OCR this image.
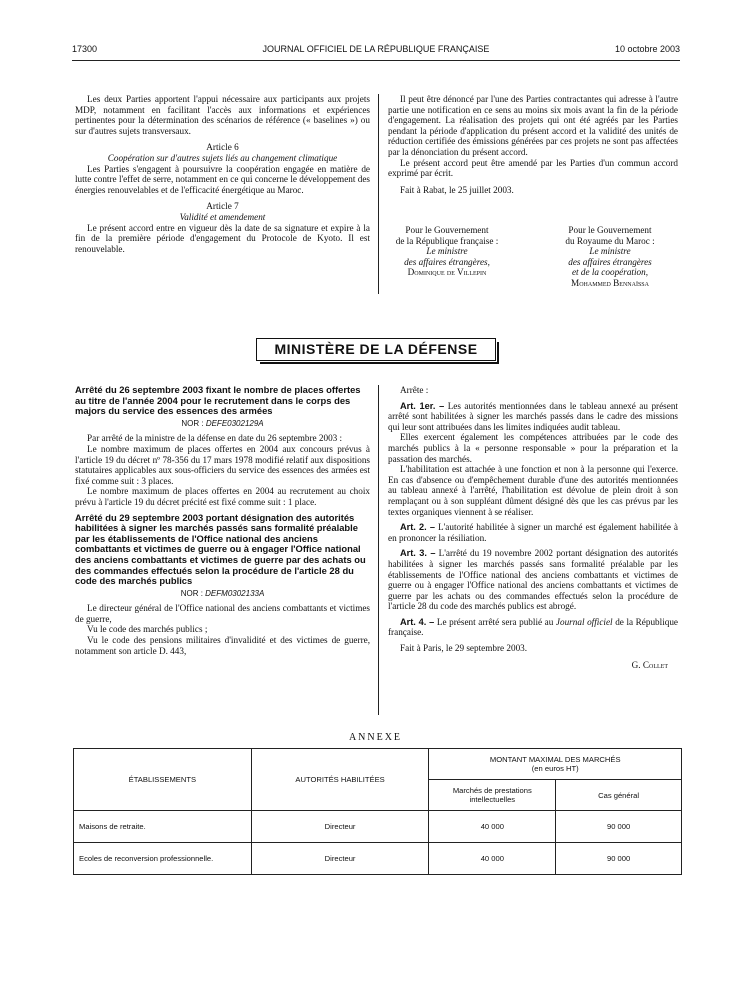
17300	JOURNAL OFFICIEL DE LA RÉPUBLIQUE FRANÇAISE	10 octobre 2003

Les deux Parties apportent l'appui nécessaire aux participants aux projets MDP, notamment en facilitant l'accès aux informations et expériences pertinentes pour la détermination des scénarios de référence (« baselines ») ou sur d'autres sujets transversaux.

Article 6

Coopération sur d'autres sujets liés au changement climatique

Les Parties s'engagent à poursuivre la coopération engagée en matière de lutte contre l'effet de serre, notamment en ce qui concerne le développement des énergies renouvelables et de l'efficacité énergétique au Maroc.

Article 7

Validité et amendement

Le présent accord entre en vigueur dès la date de sa signature et expire à la fin de la première période d'engagement du Protocole de Kyoto. Il est renouvelable.

Il peut être dénoncé par l'une des Parties contractantes qui adresse à l'autre partie une notification en ce sens au moins six mois avant la fin de la période d'engagement. La réalisation des projets qui ont été agréés par les Parties pendant la période d'application du présent accord et la validité des unités de réduction certifiée des émissions générées par ces projets ne sont pas affectées par la dénonciation du présent accord.

Le présent accord peut être amendé par les Parties d'un commun accord exprimé par écrit.

Fait à Rabat, le 25 juillet 2003.

Pour le Gouvernement
de la République française :
Le ministre
des affaires étrangères,
Dominique de Villepin
Pour le Gouvernement
du Royaume du Maroc :
Le ministre
des affaires étrangères
et de la coopération,
Mohammed Bennaïssa
MINISTÈRE DE LA DÉFENSE

Arrêté du 26 septembre 2003 fixant le nombre de places offertes au titre de l'année 2004 pour le recrutement dans le corps des majors du service des essences des armées

NOR : DEFE0302129A

Par arrêté de la ministre de la défense en date du 26 septembre 2003 :

Le nombre maximum de places offertes en 2004 aux concours prévus à l'article 19 du décret nº 78-356 du 17 mars 1978 modifié relatif aux dispositions statutaires applicables aux sous-officiers du service des essences des armées est fixé comme suit : 3 places.

Le nombre maximum de places offertes en 2004 au recrutement au choix prévu à l'article 19 du décret précité est fixé comme suit : 1 place.

Arrêté du 29 septembre 2003 portant désignation des autorités habilitées à signer les marchés passés sans formalité préalable par les établissements de l'Office national des anciens combattants et victimes de guerre ou à engager l'Office national des anciens combattants et victimes de guerre par des achats ou des commandes effectués selon la procédure de l'article 28 du code des marchés publics

NOR : DEFM0302133A

Le directeur général de l'Office national des anciens combattants et victimes de guerre,

Vu le code des marchés publics ;

Vu le code des pensions militaires d'invalidité et des victimes de guerre, notamment son article D. 443,

Arrête :

Art. 1er. – Les autorités mentionnées dans le tableau annexé au présent arrêté sont habilitées à signer les marchés passés dans le cadre des missions qui leur sont attribuées dans les limites indiquées audit tableau.

Elles exercent également les compétences attribuées par le code des marchés publics à la « personne responsable » pour la préparation et la passation des marchés.

L'habilitation est attachée à une fonction et non à la personne qui l'exerce. En cas d'absence ou d'empêchement durable d'une des autorités mentionnées au tableau annexé à l'arrêté, l'habilitation est dévolue de plein droit à son remplaçant ou à son suppléant dûment désigné dès que les cas prévus par les textes organiques viennent à se réaliser.

Art. 2. – L'autorité habilitée à signer un marché est également habilitée à en prononcer la résiliation.

Art. 3. – L'arrêté du 19 novembre 2002 portant désignation des autorités habilitées à signer les marchés passés sans formalité préalable par les établissements de l'Office national des anciens combattants et victimes de guerre ou à engager l'Office national des anciens combattants et victimes de guerre par les achats ou des commandes effectués selon la procédure de l'article 28 du code des marchés publics est abrogé.

Art. 4. – Le présent arrêté sera publié au Journal officiel de la République française.

Fait à Paris, le 29 septembre 2003.

G. Collet

ANNEXE
ÉTABLISSEMENTS	AUTORITÉS HABILITÉES	MONTANT MAXIMAL DES MARCHÉS
(en euros HT)	

		Marchés de prestations intellectuelles	Cas général
Maisons de retraite.	Directeur	40 000	90 000
Ecoles de reconversion professionnelle.	Directeur	40 000	90 000
